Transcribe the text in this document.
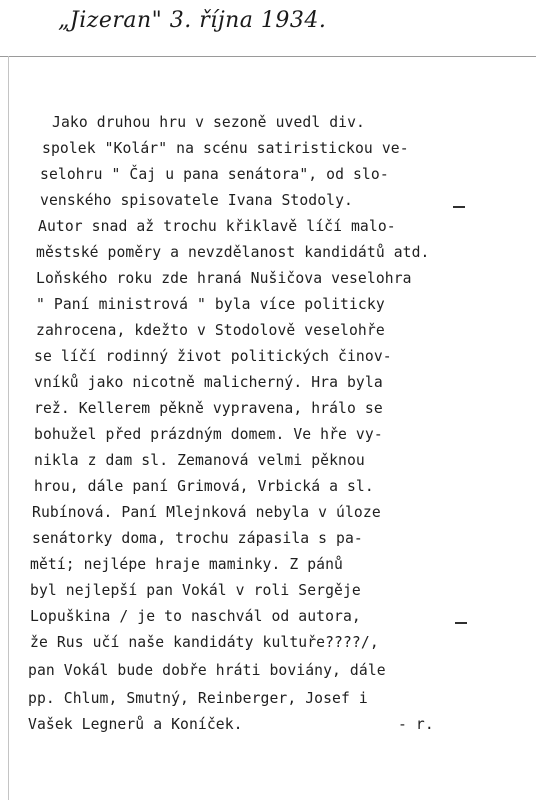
„Jizeran" 3. října 1934.
Jako druhou hru v sezoně uvedl div.
spolek "Kolár" na scénu satiristickou ve-
selohru " Čaj u pana senátora", od slo-
venského spisovatele Ivana Stodoly.
Autor snad až trochu křiklavě líčí malo-
městské poměry a nevzdělanost kandidátů atd.
Loňského roku zde hraná Nušičova veselohra
" Paní ministrová " byla více politicky
zahrocena, kdežto v Stodolově veselohře
se líčí rodinný život politických činov-
vníků jako nicotně malicherný. Hra byla
rež. Kellerem pěkně vypravena, hrálo se
bohužel před prázdným domem. Ve hře vy-
nikla z dam sl. Zemanová velmi pěknou
hrou, dále paní Grimová, Vrbická a sl.
Rubínová. Paní Mlejnková nebyla v úloze
senátorky doma, trochu zápasila s pa-
mětí; nejlépe hraje maminky. Z pánů
byl nejlepší pan Vokál v roli Sergěje
Lopuškina / je to naschvál od autora,
že Rus učí naše kandidáty kultuře????/,
pan Vokál bude dobře hráti boviány, dále
pp. Chlum, Smutný, Reinberger, Josef i
Vašek Legnerů a Koníček.	- r.
